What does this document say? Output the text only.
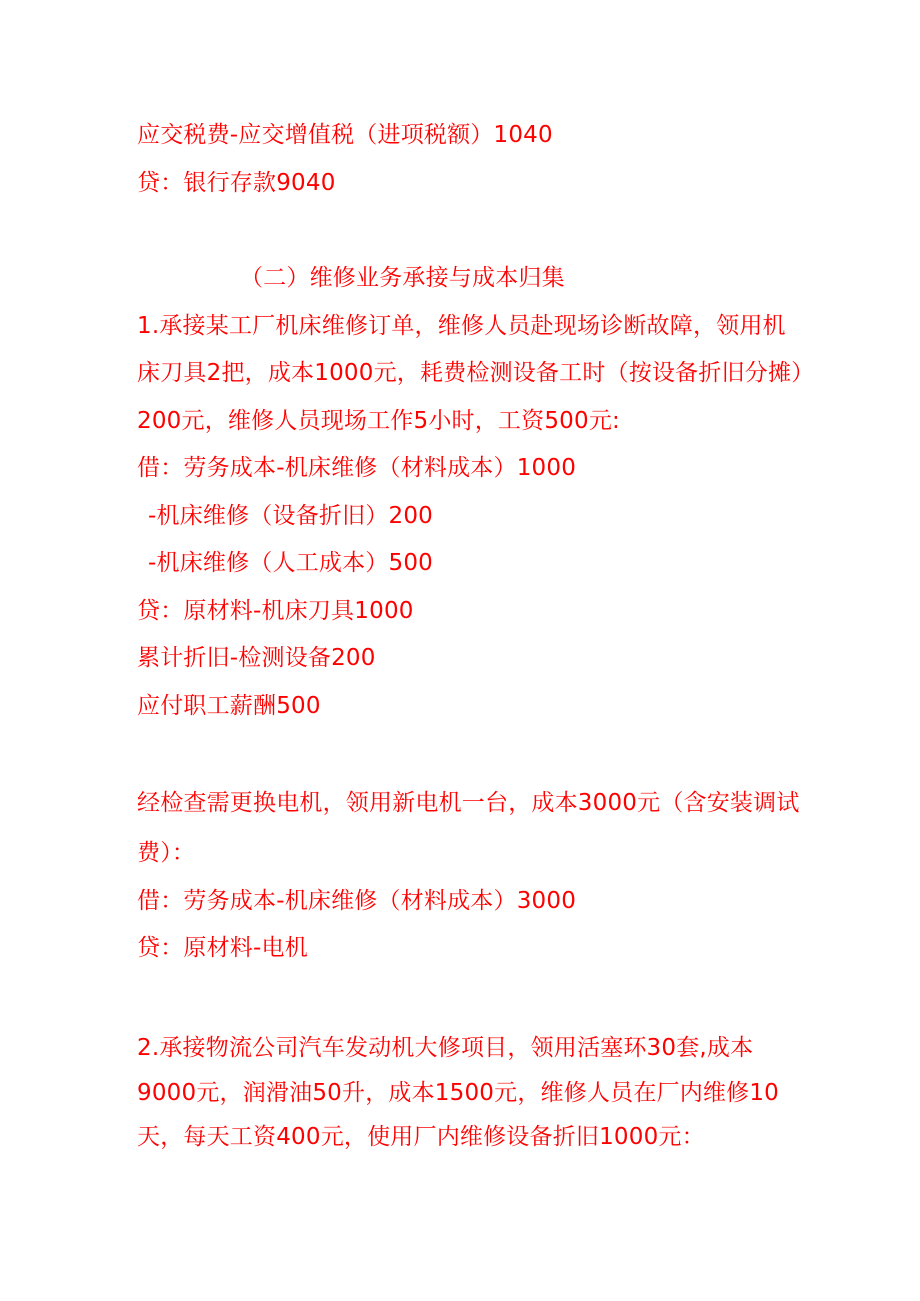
应交税费-应交增值税（进项税额）1040
贷：银行存款9040
（二）维修业务承接与成本归集
1.承接某工厂机床维修订单，维修人员赴现场诊断故障，领用机
床刀具2把，成本1000元，耗费检测设备工时（按设备折旧分摊）
200元，维修人员现场工作5小时，工资500元:
借：劳务成本-机床维修（材料成本）1000
-机床维修（设备折旧）200
-机床维修（人工成本）500
贷：原材料-机床刀具1000
累计折旧-检测设备200
应付职工薪酬500
经检查需更换电机，领用新电机一台，成本3000元（含安装调试
费）：
借：劳务成本-机床维修（材料成本）3000
贷：原材料-电机
2.承接物流公司汽车发动机大修项目，领用活塞环30套,成本
9000元，润滑油50升，成本1500元，维修人员在厂内维修10
天，每天工资400元，使用厂内维修设备折旧1000元：
